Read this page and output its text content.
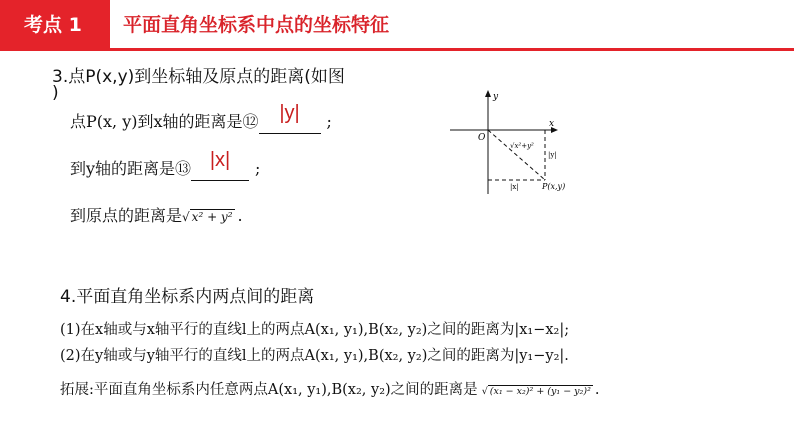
考点 1	平面直角坐标系中点的坐标特征
3.点P(x,y)到坐标轴及原点的距离(如图
)
点P(x, y)到x轴的距离是⑫ |y| ;
到y轴的距离是⑬ |x| ;
到原点的距离是√ x² + y² .
y
x
O
√x²+y²
|y|
|x|	P(x,y)
4.平面直角坐标系内两点间的距离
(1)在x轴或与x轴平行的直线l上的两点A(x₁, y₁),B(x₂, y₂)之间的距离为|x₁−x₂|;
(2)在y轴或与y轴平行的直线l上的两点A(x₁, y₁),B(x₂, y₂)之间的距离为|y₁−y₂|.
拓展:平面直角坐标系内任意两点A(x₁, y₁),B(x₂, y₂)之间的距离是 √ (x₁ − x₂)² + (y₁ − y₂)² .
